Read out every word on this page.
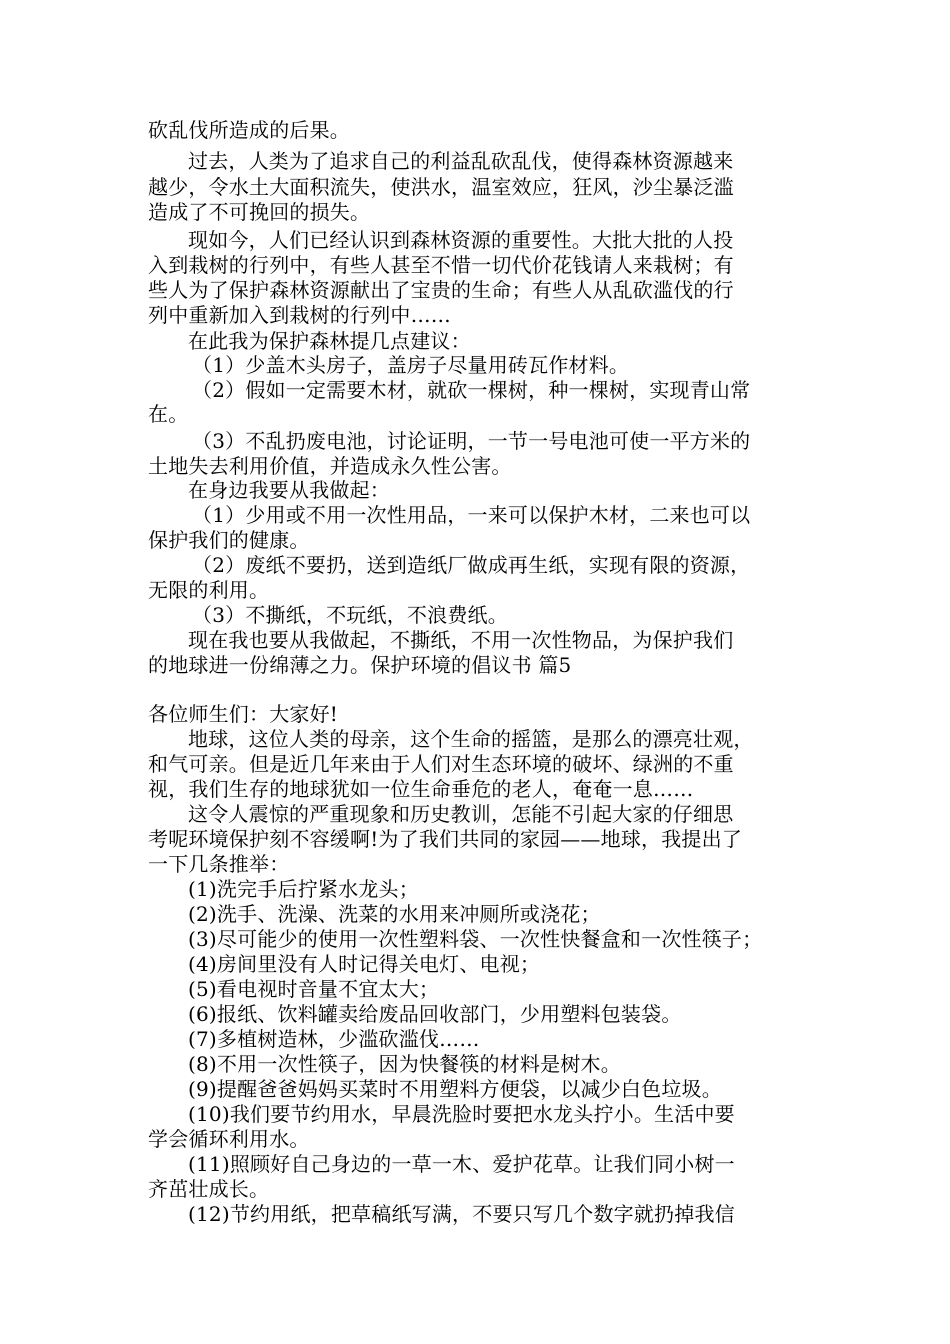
砍乱伐所造成的后果。
过去，人类为了追求自己的利益乱砍乱伐，使得森林资源越来
越少，令水土大面积流失，使洪水，温室效应，狂风，沙尘暴泛滥
造成了不可挽回的损失。
现如今，人们已经认识到森林资源的重要性。大批大批的人投
入到栽树的行列中，有些人甚至不惜一切代价花钱请人来栽树；有
些人为了保护森林资源献出了宝贵的生命；有些人从乱砍滥伐的行
列中重新加入到栽树的行列中……
在此我为保护森林提几点建议：
（1）少盖木头房子，盖房子尽量用砖瓦作材料。
（2）假如一定需要木材，就砍一棵树，种一棵树，实现青山常
在。
（3）不乱扔废电池，讨论证明，一节一号电池可使一平方米的
土地失去利用价值，并造成永久性公害。
在身边我要从我做起：
（1）少用或不用一次性用品，一来可以保护木材，二来也可以
保护我们的健康。
（2）废纸不要扔，送到造纸厂做成再生纸，实现有限的资源，
无限的利用。
（3）不撕纸，不玩纸，不浪费纸。
现在我也要从我做起，不撕纸，不用一次性物品，为保护我们
的地球进一份绵薄之力。保护环境的倡议书 篇5
各位师生们：大家好!
地球，这位人类的母亲，这个生命的摇篮，是那么的漂亮壮观，
和气可亲。但是近几年来由于人们对生态环境的破坏、绿洲的不重
视，我们生存的地球犹如一位生命垂危的老人，奄奄一息……
这令人震惊的严重现象和历史教训，怎能不引起大家的仔细思
考呢环境保护刻不容缓啊!为了我们共同的家园——地球，我提出了
一下几条推举：
(1)洗完手后拧紧水龙头；
(2)洗手、洗澡、洗菜的水用来冲厕所或浇花；
(3)尽可能少的使用一次性塑料袋、一次性快餐盒和一次性筷子；
(4)房间里没有人时记得关电灯、电视；
(5)看电视时音量不宜太大；
(6)报纸、饮料罐卖给废品回收部门，少用塑料包装袋。
(7)多植树造林，少滥砍滥伐……
(8)不用一次性筷子，因为快餐筷的材料是树木。
(9)提醒爸爸妈妈买菜时不用塑料方便袋，以减少白色垃圾。
(10)我们要节约用水，早晨洗脸时要把水龙头拧小。生活中要
学会循环利用水。
(11)照顾好自己身边的一草一木、爱护花草。让我们同小树一
齐茁壮成长。
(12)节约用纸，把草稿纸写满，不要只写几个数字就扔掉我信
